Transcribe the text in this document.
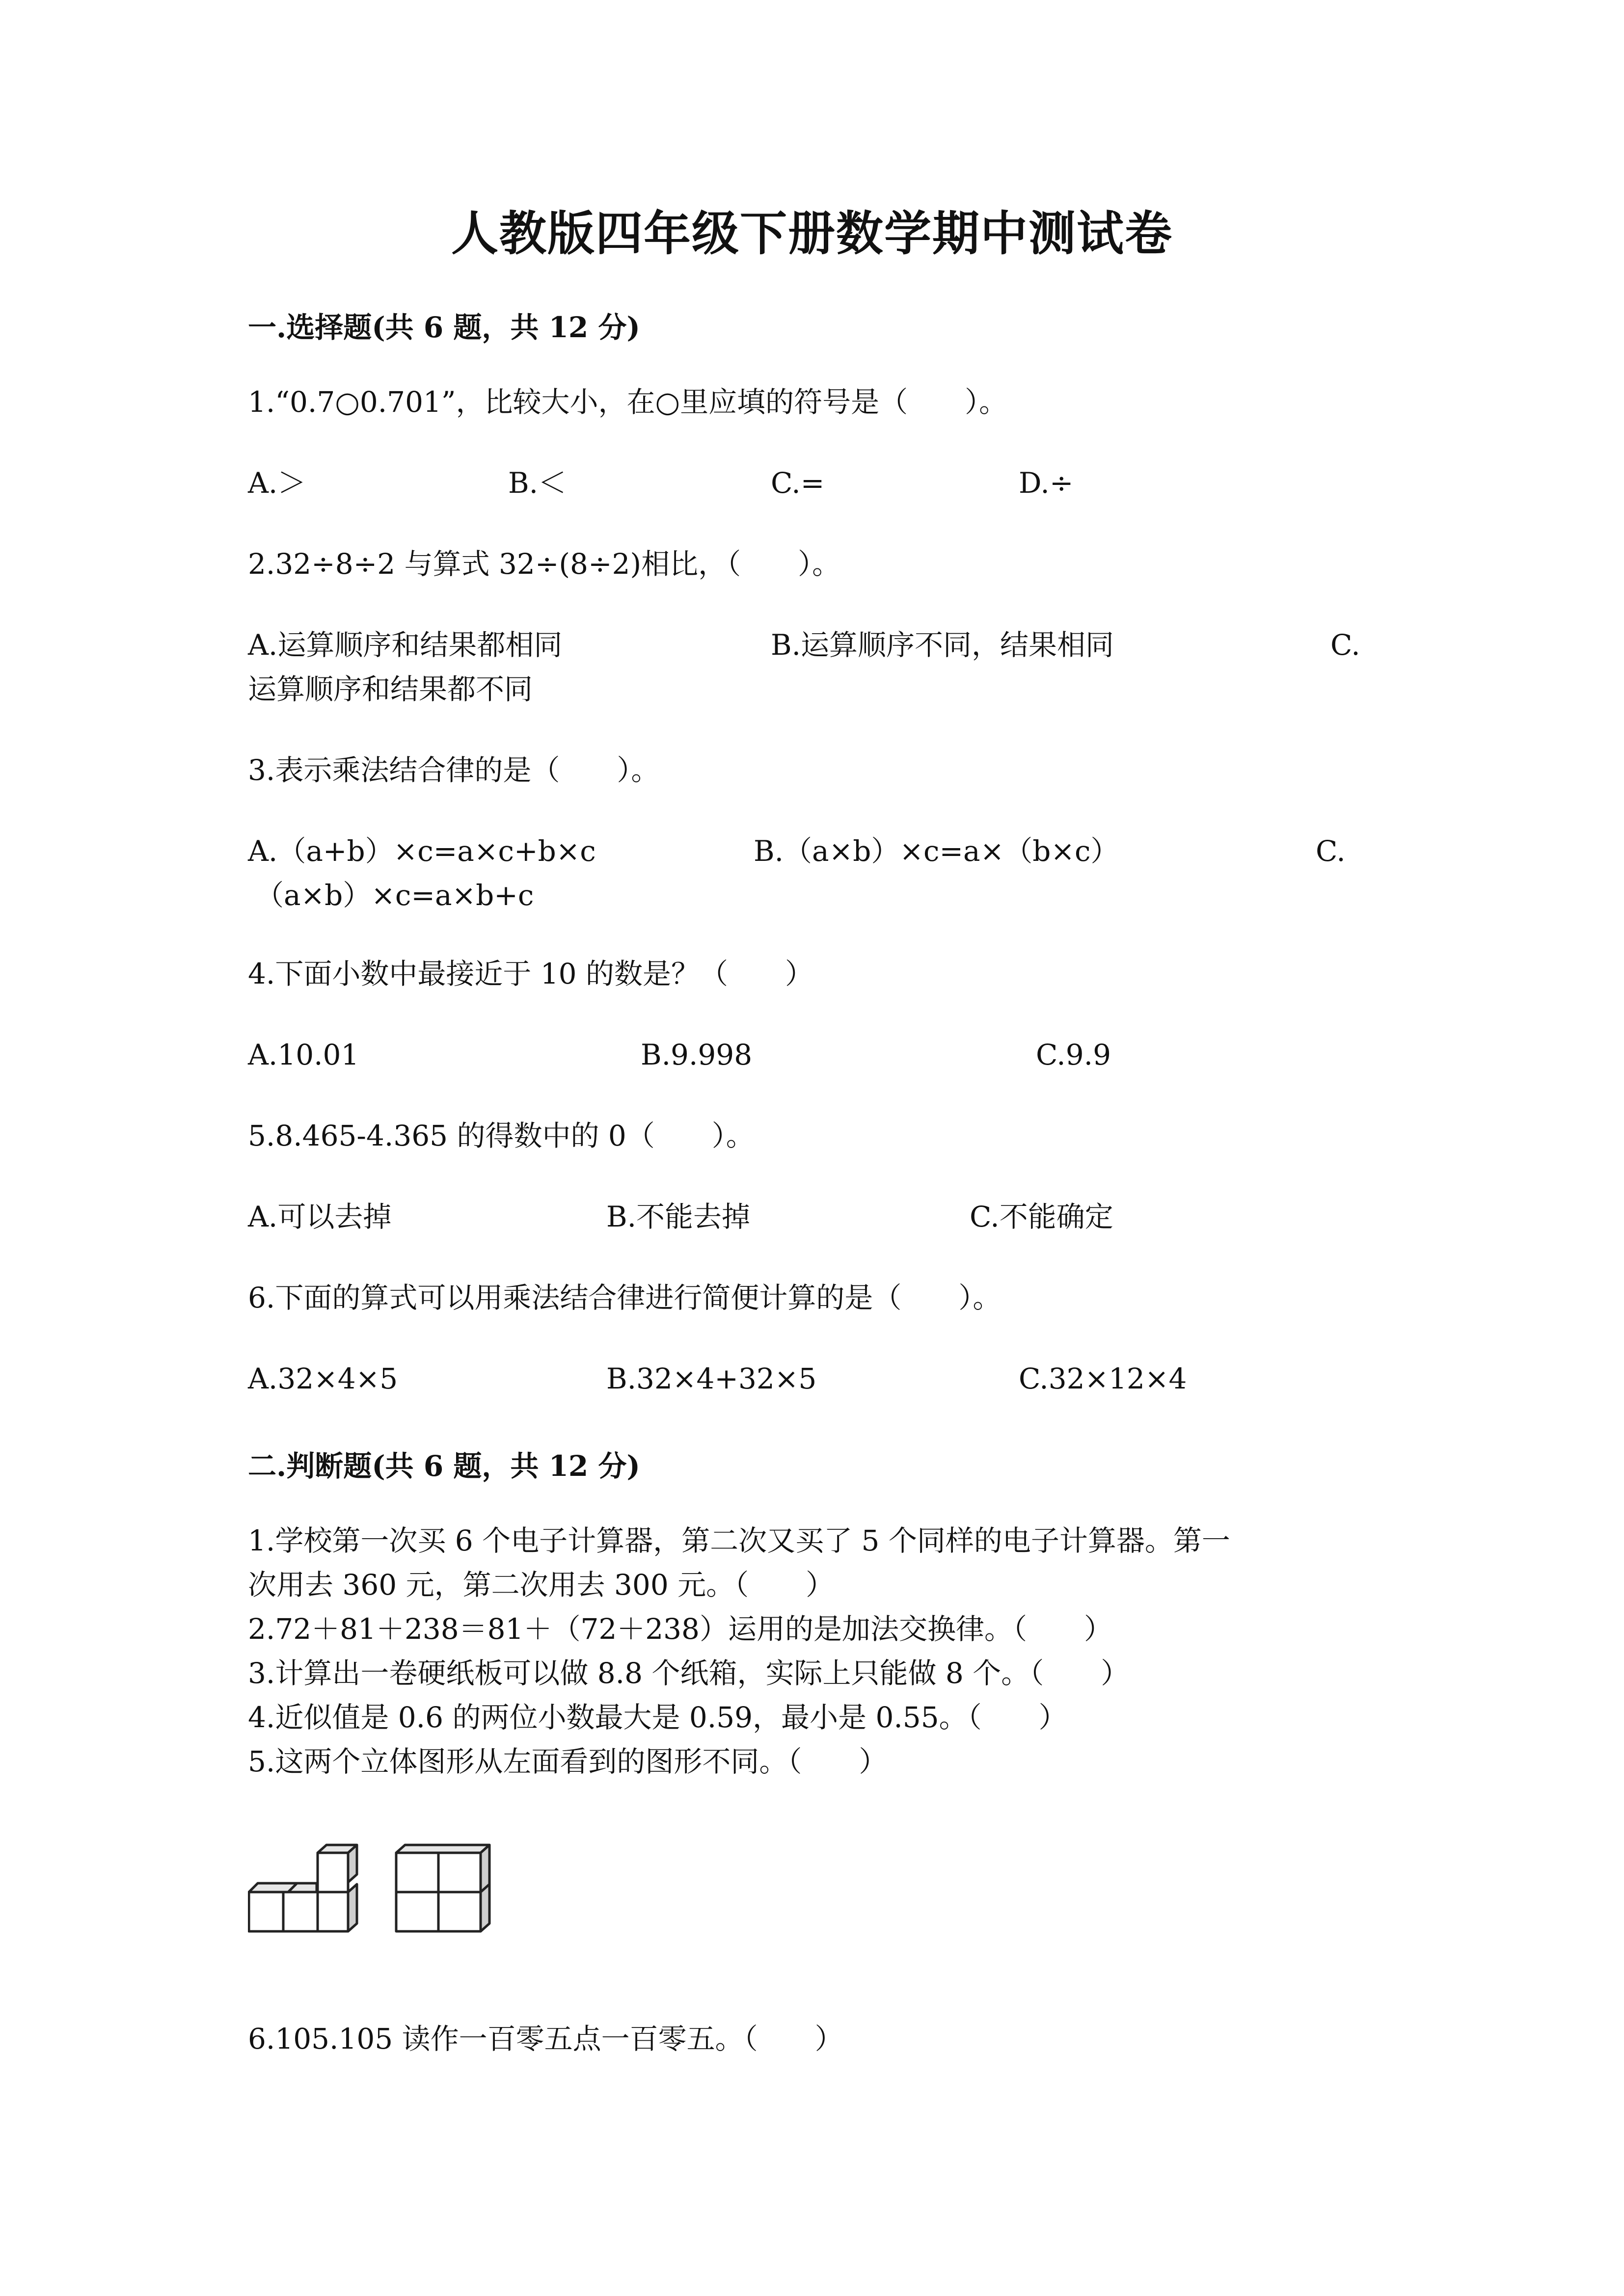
人教版四年级下册数学期中测试卷
一.选择题(共 6 题，共 12 分)
1.“0.7○0.701”，比较大小，在○里应填的符号是（　　）。
A.＞	B.＜	C.=	D.÷
2.32÷8÷2 与算式 32÷(8÷2)相比，（　　）。
A.运算顺序和结果都相同	B.运算顺序不同，结果相同	C.
运算顺序和结果都不同
3.表示乘法结合律的是（　　）。
A.（a+b）×c=a×c+b×c	B.（a×b）×c=a×（b×c）	C.
（a×b）×c=a×b+c
4.下面小数中最接近于 10 的数是？（　　）
A.10.01	B.9.998	C.9.9
5.8.465-4.365 的得数中的 0（　　）。
A.可以去掉	B.不能去掉	C.不能确定
6.下面的算式可以用乘法结合律进行简便计算的是（　　）。
A.32×4×5	B.32×4+32×5	C.32×12×4
二.判断题(共 6 题，共 12 分)
1.学校第一次买 6 个电子计算器，第二次又买了 5 个同样的电子计算器。第一
次用去 360 元，第二次用去 300 元。（　　）
2.72＋81＋238＝81＋（72＋238）运用的是加法交换律。（　　）
3.计算出一卷硬纸板可以做 8.8 个纸箱，实际上只能做 8 个。（　　）
4.近似值是 0.6 的两位小数最大是 0.59，最小是 0.55。（　　）
5.这两个立体图形从左面看到的图形不同。（　　）
6.105.105 读作一百零五点一百零五。（　　）
